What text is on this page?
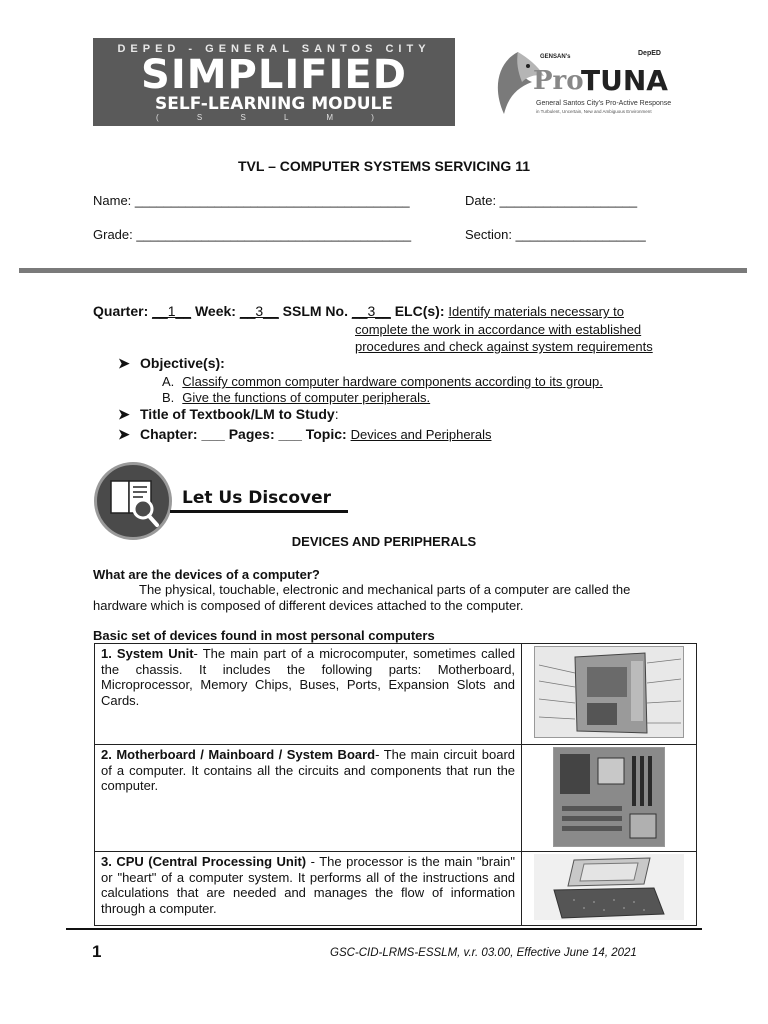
DEPED - GENERAL SANTOS CITY
SIMPLIFIED
SELF-LEARNING MODULE
( S S L M )
GENSAN's	DepED
Pro
TUNA
General Santos City's Pro-Active Response
in Turbulent, Uncertain, New and Ambiguous Environment
TVL – COMPUTER SYSTEMS SERVICING 11
Name: ______________________________________	Date: ___________________
Grade: ______________________________________	Section: __________________
Quarter: __1__ Week: __3__ SSLM No. __3__ ELC(s): Identify materials necessary to
complete the work in accordance with established
procedures and check against system requirements
➤ Objective(s):
A. Classify common computer hardware components according to its group.
B. Give the functions of computer peripherals.
➤ Title of Textbook/LM to Study:
➤ Chapter: ___ Pages: ___ Topic: Devices and Peripherals
Let Us Discover
DEVICES AND PERIPHERALS
What are the devices of a computer?
The physical, touchable, electronic and mechanical parts of a computer are called the hardware which is composed of different devices attached to the computer.
Basic set of devices found in most personal computers
1. System Unit- The main part of a microcomputer, sometimes called the chassis. It includes the following parts: Motherboard, Microprocessor, Memory Chips, Buses, Ports, Expansion Slots and Cards.	

2. Motherboard / Mainboard / System Board- The main circuit board of a computer. It contains all the circuits and components that run the computer.	

3. CPU (Central Processing Unit) - The processor is the main "brain" or "heart" of a computer system. It performs all of the instructions and calculations that are needed and manages the flow of information through a computer.	
1	GSC-CID-LRMS-ESSLM, v.r. 03.00, Effective June 14, 2021
